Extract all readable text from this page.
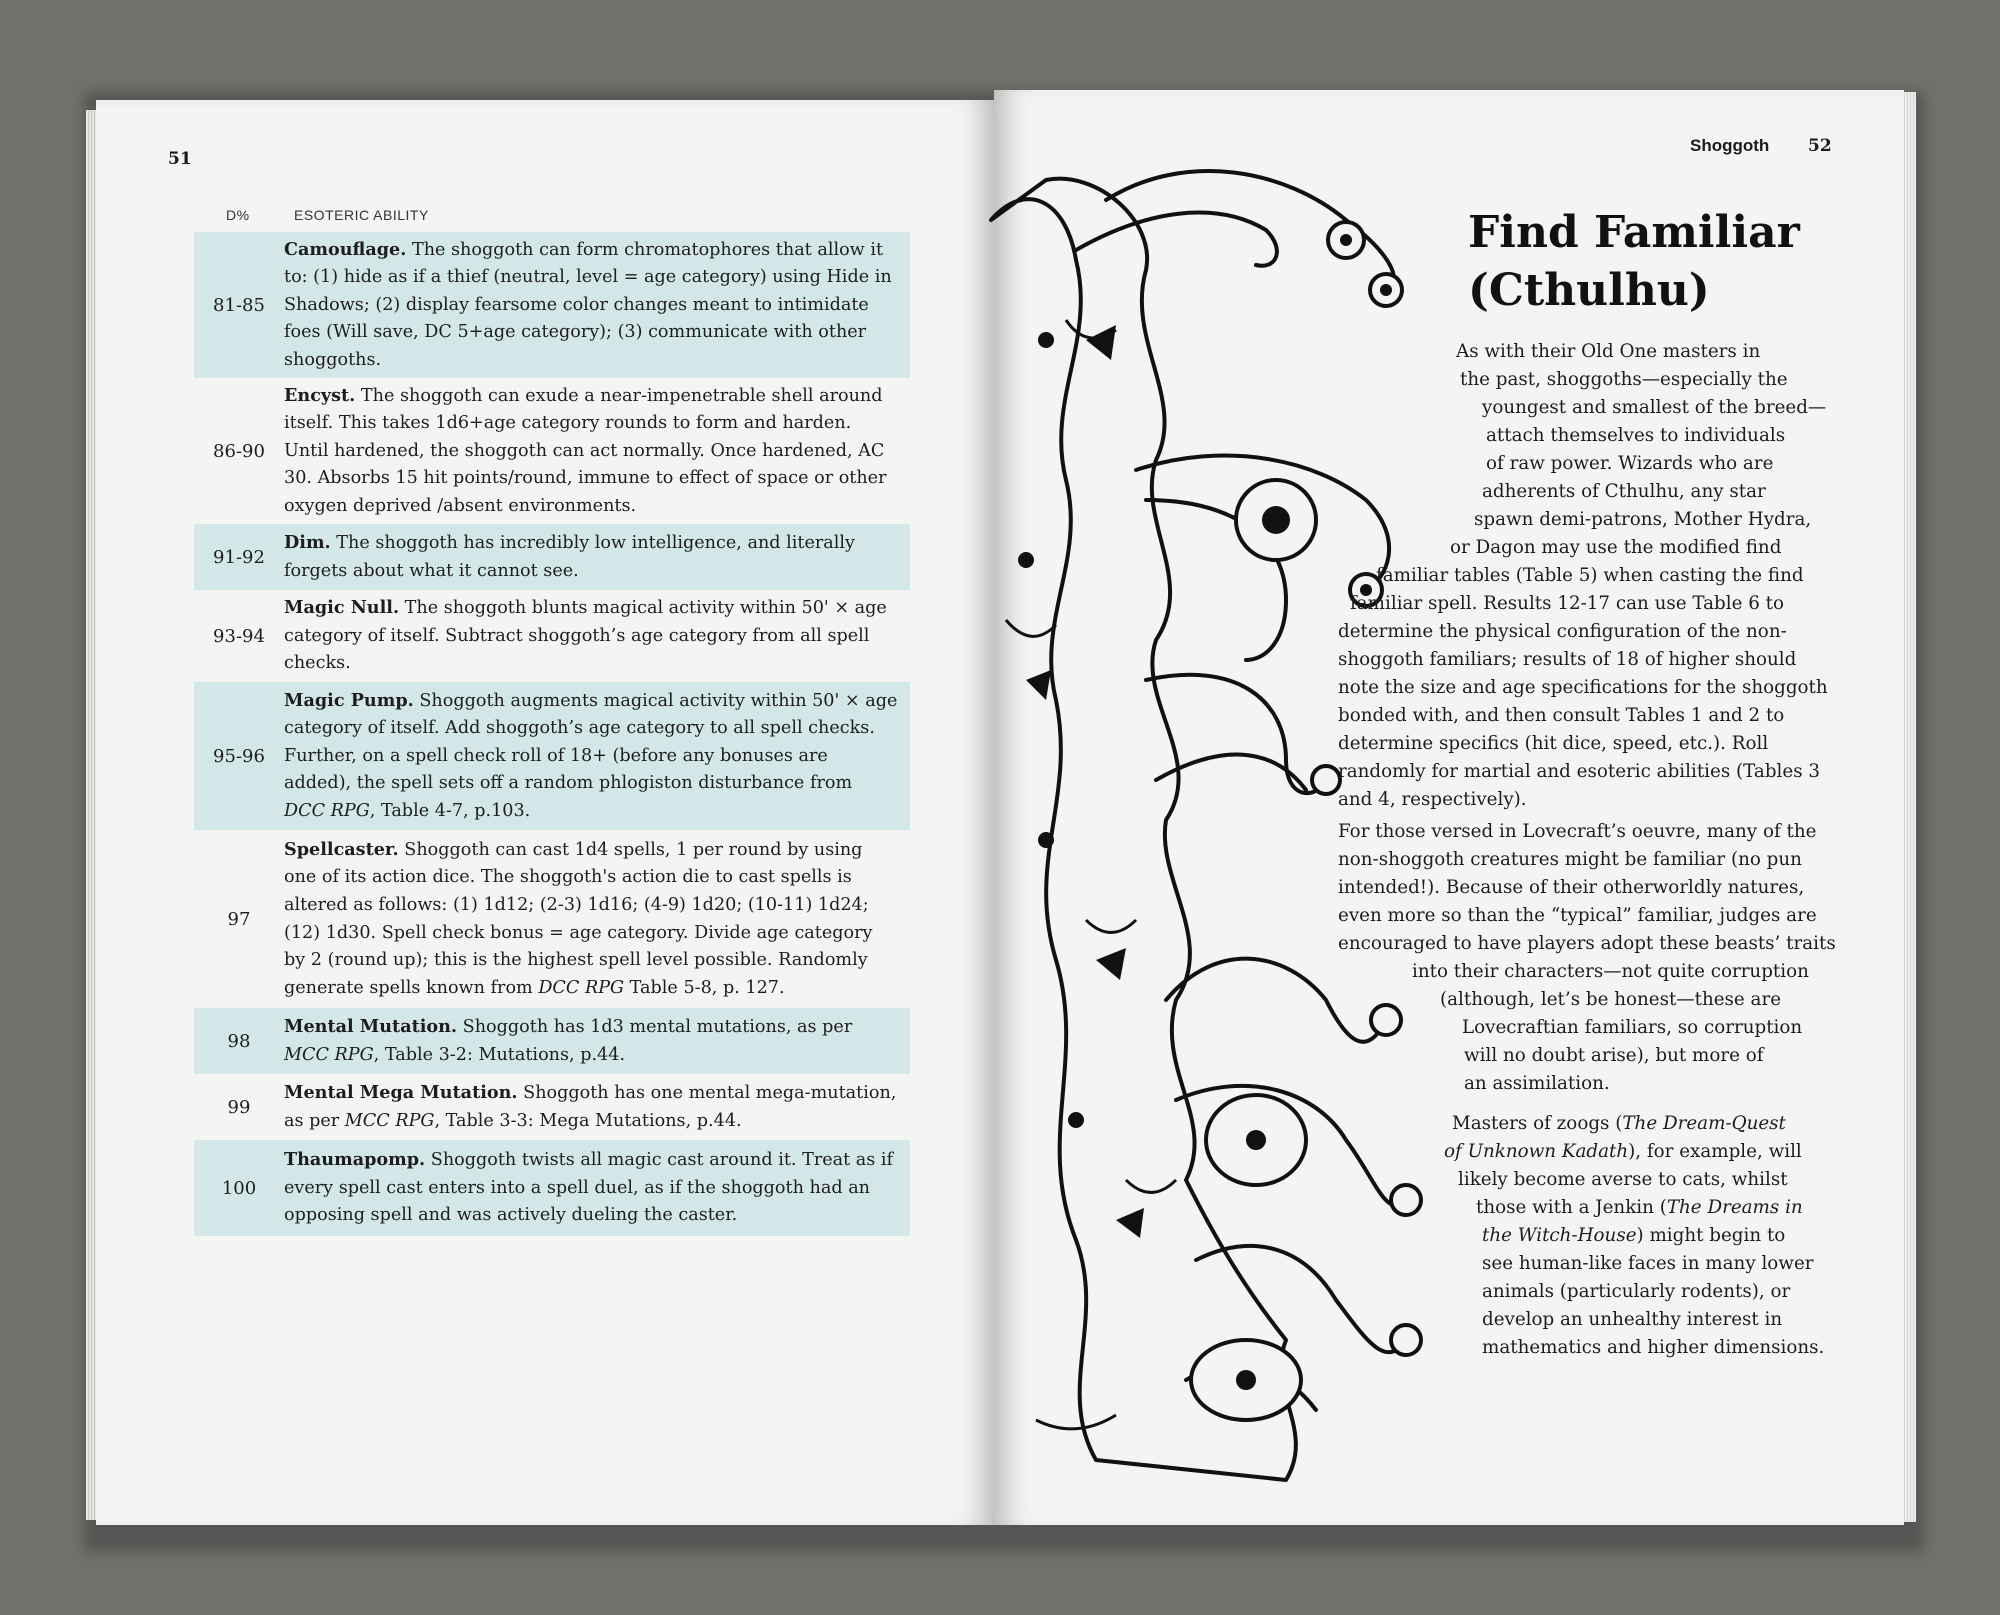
51
Shoggoth 52
D%	ESOTERIC ABILITY
81-85
Camouflage. The shoggoth can form chromatophores that allow it to: (1) hide as if a thief (neutral, level = age category) using Hide in Shadows; (2) display fearsome color changes meant to intimidate foes (Will save, DC 5+age category); (3) communicate with other shoggoths.
86-90
Encyst. The shoggoth can exude a near-impenetrable shell around itself. This takes 1d6+age category rounds to form and harden. Until hardened, the shoggoth can act normally. Once hardened, AC 30. Absorbs 15 hit points/round, immune to effect of space or other oxygen deprived /absent environments.
91-92
Dim. The shoggoth has incredibly low intelligence, and literally forgets about what it cannot see.
93-94
Magic Null. The shoggoth blunts magical activity within 50' × age category of itself. Subtract shoggoth’s age category from all spell checks.
95-96
Magic Pump. Shoggoth augments magical activity within 50' × age category of itself. Add shoggoth’s age category to all spell checks. Further, on a spell check roll of 18+ (before any bonuses are added), the spell sets off a random phlogiston disturbance from DCC RPG, Table 4-7, p.103.
97
Spellcaster. Shoggoth can cast 1d4 spells, 1 per round by using one of its action dice. The shoggoth's action die to cast spells is altered as follows: (1) 1d12; (2-3) 1d16; (4-9) 1d20; (10-11) 1d24; (12) 1d30. Spell check bonus = age category. Divide age category by 2 (round up); this is the highest spell level possible. Randomly generate spells known from DCC RPG Table 5-8, p. 127.
98
Mental Mutation. Shoggoth has 1d3 mental mutations, as per MCC RPG, Table 3-2: Mutations, p.44.
99
Mental Mega Mutation. Shoggoth has one mental mega-mutation, as per MCC RPG, Table 3-3: Mega Mutations, p.44.
100
Thaumapomp. Shoggoth twists all magic cast around it. Treat as if every spell cast enters into a spell duel, as if the shoggoth had an opposing spell and was actively dueling the caster.
Find Familiar
(Cthulhu)
As with their Old One masters in
the past, shoggoths—especially the
youngest and smallest of the breed—
attach themselves to individuals
of raw power. Wizards who are
adherents of Cthulhu, any star
spawn demi-patrons, Mother Hydra,
or Dagon may use the modified find
familiar tables (Table 5) when casting the find
familiar spell. Results 12-17 can use Table 6 to
determine the physical configuration of the non-
shoggoth familiars; results of 18 of higher should
note the size and age specifications for the shoggoth
bonded with, and then consult Tables 1 and 2 to
determine specifics (hit dice, speed, etc.). Roll
randomly for martial and esoteric abilities (Tables 3
and 4, respectively).
For those versed in Lovecraft’s oeuvre, many of the
non-shoggoth creatures might be familiar (no pun
intended!). Because of their otherworldly natures,
even more so than the “typical” familiar, judges are
encouraged to have players adopt these beasts’ traits
into their characters—not quite corruption
(although, let’s be honest—these are
Lovecraftian familiars, so corruption
will no doubt arise), but more of
an assimilation.
Masters of zoogs (The Dream-Quest
of Unknown Kadath), for example, will
likely become averse to cats, whilst
those with a Jenkin (The Dreams in
the Witch-House) might begin to
see human-like faces in many lower
animals (particularly rodents), or
develop an unhealthy interest in
mathematics and higher dimensions.
